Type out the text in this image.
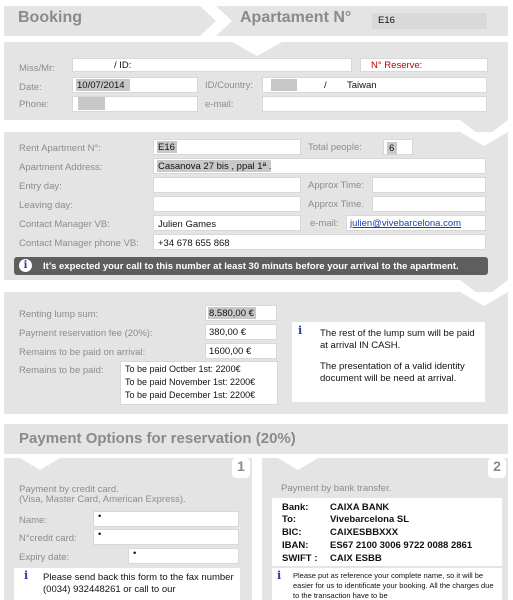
Booking	Apartament N°	E16
Miss/Mr:	/ ID:	N° Reserve:
Date:	10/07/2014	ID/Country:	/ Taiwan
Phone:	e-mail:
Rent Apartment N°:	E16	Total people:	6
Apartment Address:	Casanova 27 bis , ppal 1ª .
Entry day:	Approx Time:
Leaving day:	Approx Time.
Contact Manager VB:	Julien Games	e-mail: julien@vivebarcelona.com
Contact Manager phone VB: +34 678 655 868
i	It’s expected your call to this number at least 30 minuts before your arrival to the apartment.
Renting lump sum:	8.580,00 €
Payment reservation fee (20%):	380,00 €
Remains to be paid on arrival:	1600,00 €
Remains to be paid: To be paid Octber 1st: 2200€
To be paid November 1st: 2200€
To be paid December 1st: 2200€
i The rest of the lump sum will be paid at arrival IN CASH.
The presentation of a valid identity document will be need at arrival.
Payment Options for reservation (20%)
1
Payment by credit card.
(Visa, Master Card, American Express).
Name:	•
N°credit card: •
Expiry date:	•
i Please send back this form to the fax number (0034) 932448261 or call to our
2
Payment by bank transfer.
Bank: CAIXA BANK
To:	Vivebarcelona SL
BIC:	CAIXESBBXXX
IBAN: ES67 2100 3006 9722 0088 2861
SWIFT : CAIX ESBB
i Please put as reference your complete name, so it will be easier for us to identificate your booking. All the charges due to the transaction have to be
